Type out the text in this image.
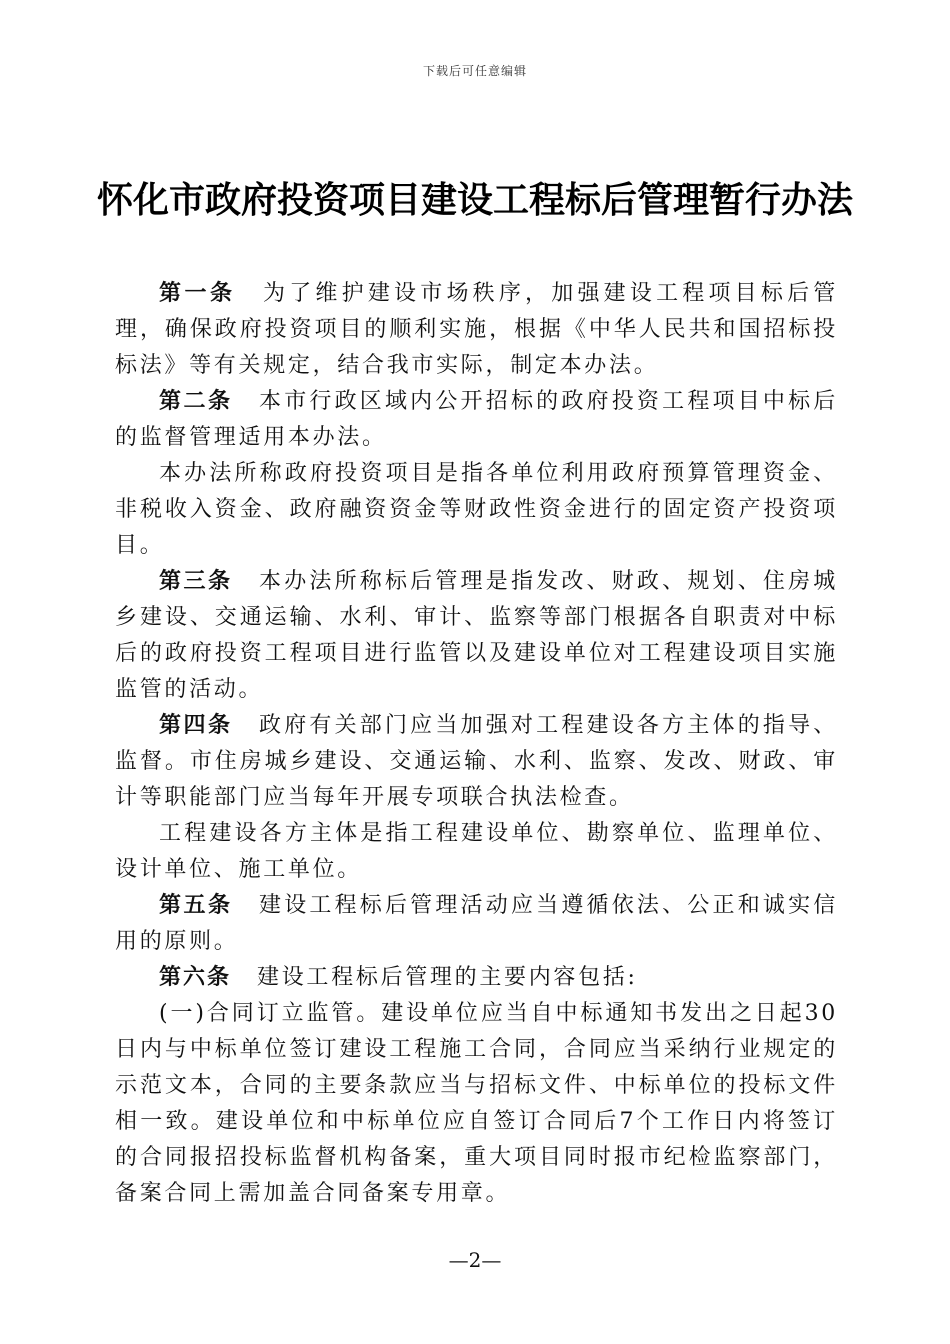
下载后可任意编辑
怀化市政府投资项目建设工程标后管理暂行办法

第一条 为了维护建设市场秩序，加强建设工程项目标后管理，确保政府投资项目的顺利实施，根据《中华人民共和国招标投标法》等有关规定，结合我市实际，制定本办法。

第二条 本市行政区域内公开招标的政府投资工程项目中标后的监督管理适用本办法。

本办法所称政府投资项目是指各单位利用政府预算管理资金、非税收入资金、政府融资资金等财政性资金进行的固定资产投资项目。

第三条 本办法所称标后管理是指发改、财政、规划、住房城乡建设、交通运输、水利、审计、监察等部门根据各自职责对中标后的政府投资工程项目进行监管以及建设单位对工程建设项目实施监管的活动。

第四条 政府有关部门应当加强对工程建设各方主体的指导、监督。市住房城乡建设、交通运输、水利、监察、发改、财政、审计等职能部门应当每年开展专项联合执法检查。

工程建设各方主体是指工程建设单位、勘察单位、监理单位、设计单位、施工单位。

第五条 建设工程标后管理活动应当遵循依法、公正和诚实信用的原则。

第六条 建设工程标后管理的主要内容包括:

(一)合同订立监管。建设单位应当自中标通知书发出之日起30日内与中标单位签订建设工程施工合同，合同应当采纳行业规定的示范文本，合同的主要条款应当与招标文件、中标单位的投标文件相一致。建设单位和中标单位应自签订合同后7个工作日内将签订的合同报招投标监督机构备案，重大项目同时报市纪检监察部门，备案合同上需加盖合同备案专用章。

—2—
